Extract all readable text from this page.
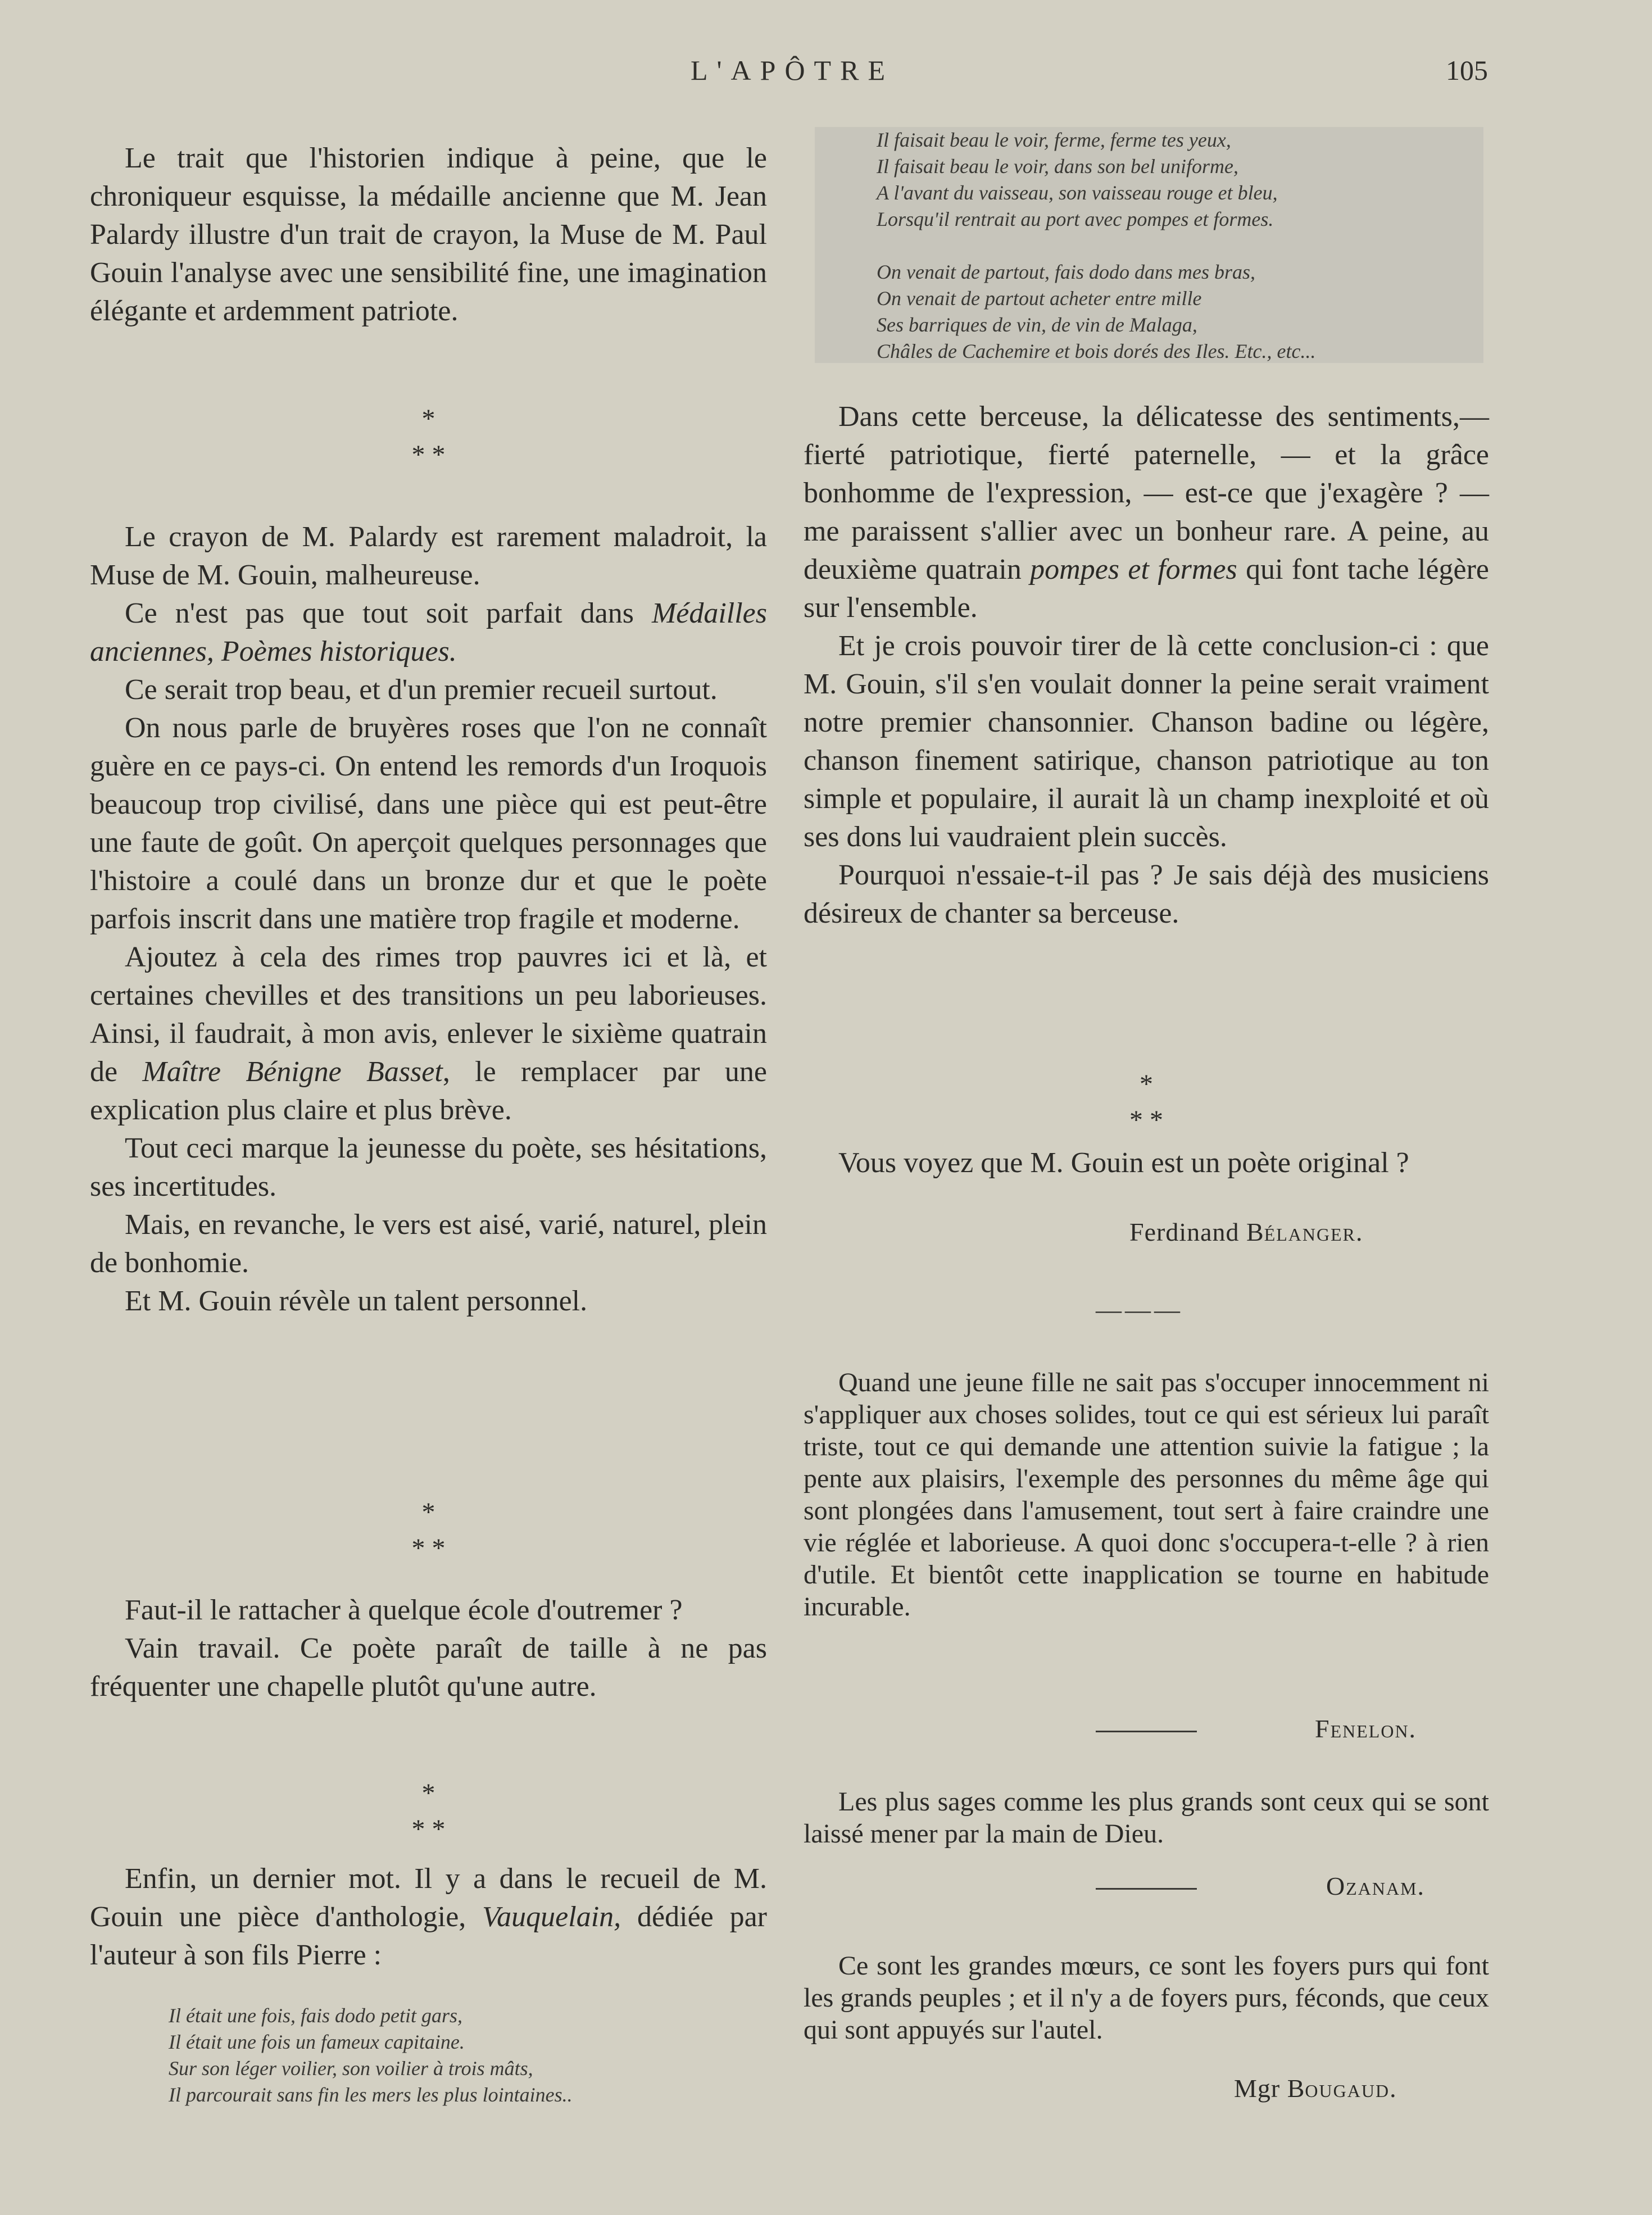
L'APÔTRE	105

Le trait que l'historien indique à peine, que le chroniqueur esquisse, la médaille ancienne que M. Jean Palardy illustre d'un trait de crayon, la Muse de M. Paul Gouin l'analyse avec une sensibilité fine, une imagination élégante et ardemment patriote.

*
* *

Le crayon de M. Palardy est rarement maladroit, la Muse de M. Gouin, malheureuse.

Ce n'est pas que tout soit parfait dans Médailles anciennes, Poèmes historiques.

Ce serait trop beau, et d'un premier recueil surtout.

On nous parle de bruyères roses que l'on ne connaît guère en ce pays-ci. On entend les remords d'un Iroquois beaucoup trop civilisé, dans une pièce qui est peut-être une faute de goût. On aperçoit quelques personnages que l'histoire a coulé dans un bronze dur et que le poète parfois inscrit dans une matière trop fragile et moderne.

Ajoutez à cela des rimes trop pauvres ici et là, et certaines chevilles et des transitions un peu laborieuses. Ainsi, il faudrait, à mon avis, enlever le sixième quatrain de Maître Bénigne Basset, le remplacer par une explication plus claire et plus brève.

Tout ceci marque la jeunesse du poète, ses hésitations, ses incertitudes.

Mais, en revanche, le vers est aisé, varié, naturel, plein de bonhomie.

Et M. Gouin révèle un talent personnel.

*
* *

Faut-il le rattacher à quelque école d'outremer ?

Vain travail. Ce poète paraît de taille à ne pas fréquenter une chapelle plutôt qu'une autre.

*
* *

Enfin, un dernier mot. Il y a dans le recueil de M. Gouin une pièce d'anthologie, Vauquelain, dédiée par l'auteur à son fils Pierre :

Il était une fois, fais dodo petit gars,
Il était une fois un fameux capitaine.
Sur son léger voilier, son voilier à trois mâts,
Il parcourait sans fin les mers les plus lointaines..
Il faisait beau le voir, ferme, ferme tes yeux,
Il faisait beau le voir, dans son bel uniforme,
A l'avant du vaisseau, son vaisseau rouge et bleu,
Lorsqu'il rentrait au port avec pompes et formes.
On venait de partout, fais dodo dans mes bras,
On venait de partout acheter entre mille
Ses barriques de vin, de vin de Malaga,
Châles de Cachemire et bois dorés des Iles. Etc., etc...

Dans cette berceuse, la délicatesse des sentiments,— fierté patriotique, fierté paternelle, — et la grâce bonhomme de l'expression, — est-ce que j'exagère ? — me paraissent s'allier avec un bonheur rare. A peine, au deuxième quatrain pompes et formes qui font tache légère sur l'ensemble.

Et je crois pouvoir tirer de là cette conclusion-ci : que M. Gouin, s'il s'en voulait donner la peine serait vraiment notre premier chansonnier. Chanson badine ou légère, chanson finement satirique, chanson patriotique au ton simple et populaire, il aurait là un champ inexploité et où ses dons lui vaudraient plein succès.

Pourquoi n'essaie-t-il pas ? Je sais déjà des musiciens désireux de chanter sa berceuse.

*
* *

Vous voyez que M. Gouin est un poète original ?

Ferdinand Bélanger.
———

Quand une jeune fille ne sait pas s'occuper innocemment ni s'appliquer aux choses solides, tout ce qui est sérieux lui paraît triste, tout ce qui demande une attention suivie la fatigue ; la pente aux plaisirs, l'exemple des personnes du même âge qui sont plongées dans l'amusement, tout sert à faire craindre une vie réglée et laborieuse. A quoi donc s'occupera-t-elle ? à rien d'utile. Et bientôt cette inapplication se tourne en habitude incurable.

Fenelon.

Les plus sages comme les plus grands sont ceux qui se sont laissé mener par la main de Dieu.

Ozanam.

Ce sont les grandes mœurs, ce sont les foyers purs qui font les grands peuples ; et il n'y a de foyers purs, féconds, que ceux qui sont appuyés sur l'autel.

Mgr Bougaud.
